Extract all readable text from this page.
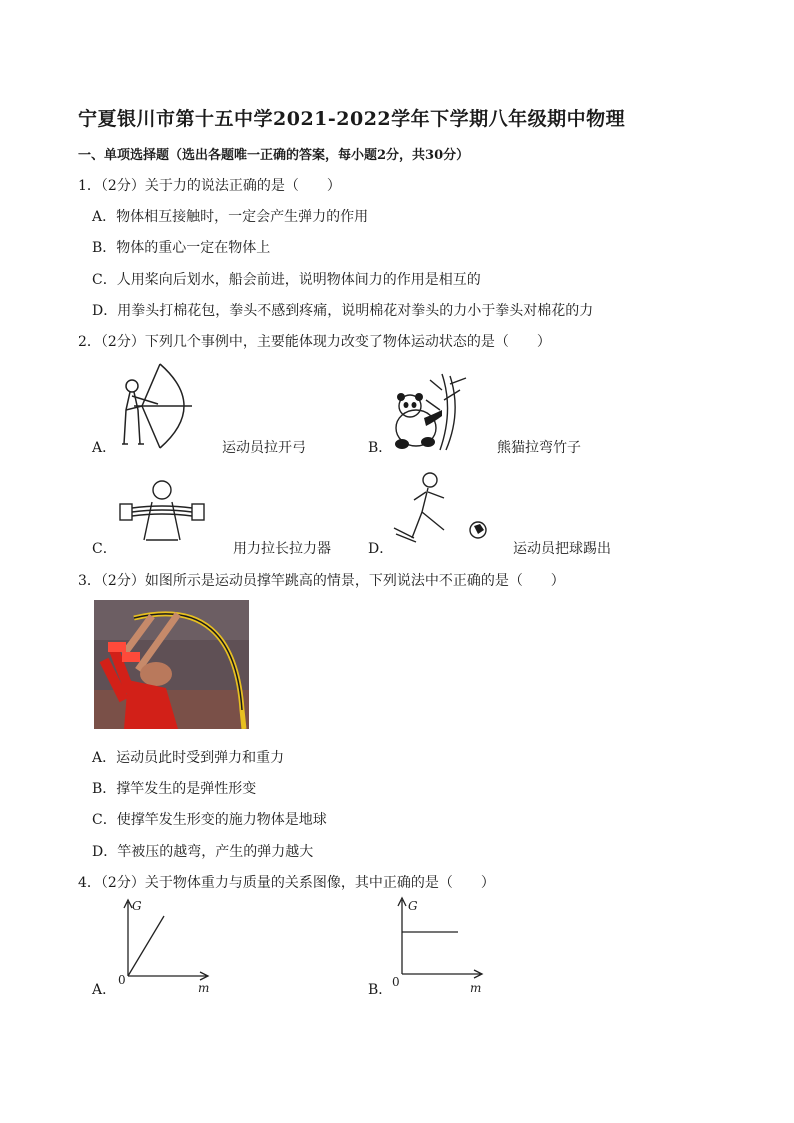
宁夏银川市第十五中学2021-2022学年下学期八年级期中物理
一、单项选择题（选出各题唯一正确的答案，每小题2分，共30分）
1．（2分）关于力的说法正确的是（　　）
A．物体相互接触时，一定会产生弹力的作用
B．物体的重心一定在物体上
C．人用桨向后划水，船会前进，说明物体间力的作用是相互的
D．用拳头打棉花包，拳头不感到疼痛，说明棉花对拳头的力小于拳头对棉花的力
2．（2分）下列几个事例中，主要能体现力改变了物体运动状态的是（　　）
A．	运动员拉开弓	B．	熊猫拉弯竹子
C．	用力拉长拉力器	D．	运动员把球踢出
3．（2分）如图所示是运动员撑竿跳高的情景，下列说法中不正确的是（　　）
A．运动员此时受到弹力和重力
B．撑竿发生的是弹性形变
C．使撑竿发生形变的施力物体是地球
D．竿被压的越弯，产生的弹力越大
4．（2分）关于物体重力与质量的关系图像，其中正确的是（　　）
A．
G
0
m	B．
G
0	m
